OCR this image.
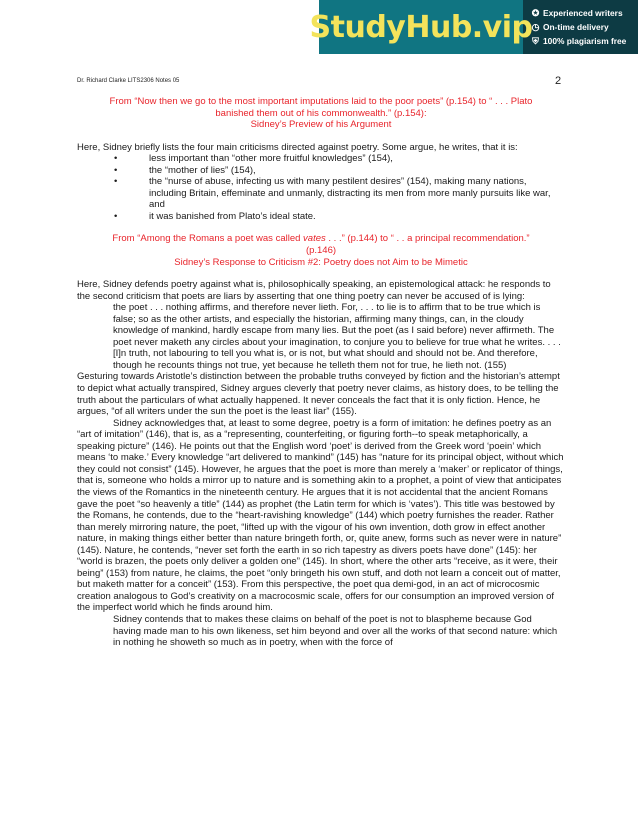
StudyHub.vip ✪ Experienced writers
◷ On-time delivery
⛨ 100% plagiarism free
Dr. Richard Clarke LITS2306 Notes 05	2

From “Now then we go to the most important imputations laid to the poor poets” (p.154) to “ . . . Plato

banished them out of his commonwealth.” (p.154):

Sidney’s Preview of his Argument

Here, Sidney briefly lists the four main criticisms directed against poetry. Some argue, he writes, that it is:

•	less important than “other more fruitful knowledges” (154),
•	the “mother of lies” (154),
•	the “nurse of abuse, infecting us with many pestilent desires” (154), making many nations, including Britain, effeminate and unmanly, distracting its men from more manly pursuits like war, and
•	it was banished from Plato’s ideal state.

From “Among the Romans a poet was called vates . . .” (p.144) to “ . . a principal recommendation.”

(p.146)

Sidney’s Response to Criticism #2: Poetry does not Aim to be Mimetic

Here, Sidney defends poetry against what is, philosophically speaking, an epistemological attack: he responds to the second criticism that poets are liars by asserting that one thing poetry can never be accused of is lying:

the poet . . . nothing affirms, and therefore never lieth. For, . . . to lie is to affirm that to be true which is false; so as the other artists, and especially the historian, affirming many things, can, in the cloudy knowledge of mankind, hardly escape from many lies. But the poet (as I said before) never affirmeth. The poet never maketh any circles about your imagination, to conjure you to believe for true what he writes. . . . [I]n truth, not labouring to tell you what is, or is not, but what should and should not be. And therefore, though he recounts things not true, yet because he telleth them not for true, he lieth not. (155)

Gesturing towards Aristotle’s distinction between the probable truths conveyed by fiction and the historian’s attempt to depict what actually transpired, Sidney argues cleverly that poetry never claims, as history does, to be telling the truth about the particulars of what actually happened. It never conceals the fact that it is only fiction. Hence, he argues, “of all writers under the sun the poet is the least liar” (155).

Sidney acknowledges that, at least to some degree, poetry is a form of imitation: he defines poetry as an “art of imitation” (146), that is, as a “representing, counterfeiting, or figuring forth--to speak metaphorically, a speaking picture” (146). He points out that the English word ‘poet’ is derived from the Greek word ‘poein’ which means ‘to make.’ Every knowledge “art delivered to mankind” (145) has “nature for its principal object, without which they could not consist” (145). However, he argues that the poet is more than merely a ‘maker’ or replicator of things, that is, someone who holds a mirror up to nature and is something akin to a prophet, a point of view that anticipates the views of the Romantics in the nineteenth century. He argues that it is not accidental that the ancient Romans gave the poet “so heavenly a title” (144) as prophet (the Latin term for which is ‘vates’). This title was bestowed by the Romans, he contends, due to the “heart-ravishing knowledge” (144) which poetry furnishes the reader. Rather than merely mirroring nature, the poet, “lifted up with the vigour of his own invention, doth grow in effect another nature, in making things either better than nature bringeth forth, or, quite anew, forms such as never were in nature” (145). Nature, he contends, “never set forth the earth in so rich tapestry as divers poets have done” (145): her “world is brazen, the poets only deliver a golden one” (145). In short, where the other arts “receive, as it were, their being” (153) from nature, he claims, the poet “only bringeth his own stuff, and doth not learn a conceit out of matter, but maketh matter for a conceit” (153). From this perspective, the poet qua demi-god, in an act of microcosmic creation analogous to God’s creativity on a macrocosmic scale, offers for our consumption an improved version of the imperfect world which he finds around him.

Sidney contends that to makes these claims on behalf of the poet is not to blaspheme because God

having made man to his own likeness, set him beyond and over all the works of that second nature: which in nothing he showeth so much as in poetry, when with the force of
